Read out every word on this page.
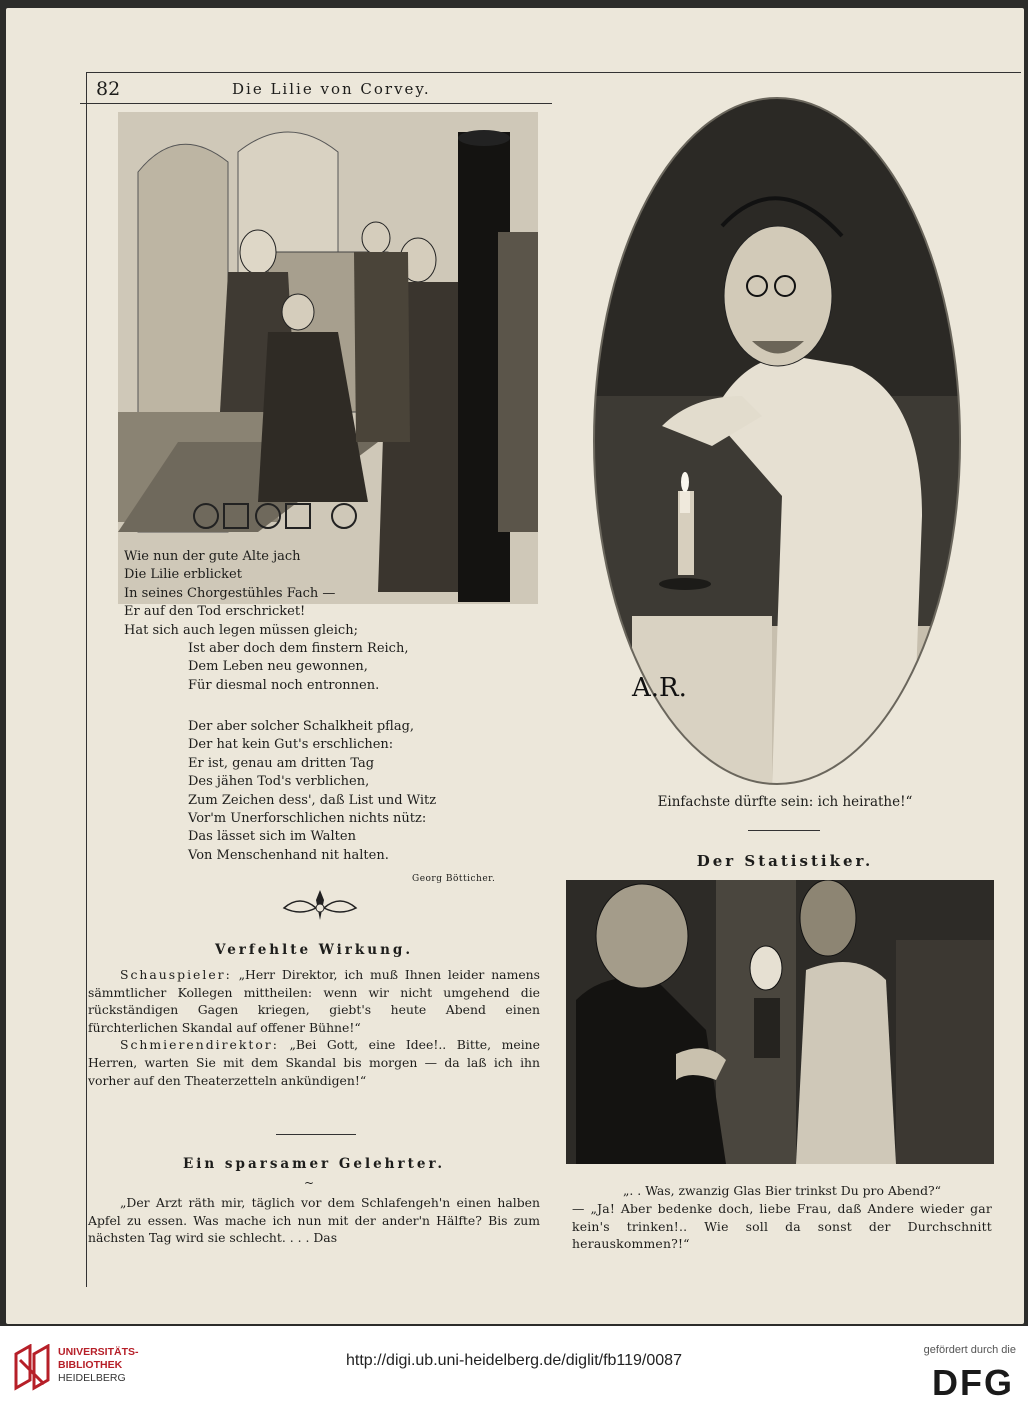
82	Die Lilie von Corvey.
Wie nun der gute Alte jach
Die Lilie erblicket
In seines Chorgestühles Fach —
Er auf den Tod erschricket!
Hat sich auch legen müssen gleich;
Ist aber doch dem finstern Reich,
Dem Leben neu gewonnen,
Für diesmal noch entronnen.
Der aber solcher Schalkheit pflag,
Der hat kein Gut's erschlichen:
Er ist, genau am dritten Tag
Des jähen Tod's verblichen,
Zum Zeichen dess', daß List und Witz
Vor'm Unerforschlichen nichts nütz:
Das lässet sich im Walten
Von Menschenhand nit halten.
Georg Bötticher.
Verfehlte Wirkung.

Schauspieler: „Herr Direktor, ich muß Ihnen leider namens sämmtlicher Kollegen mittheilen: wenn wir nicht umgehend die rückständigen Gagen kriegen, giebt's heute Abend einen fürchterlichen Skandal auf offener Bühne!“

Schmierendirektor: „Bei Gott, eine Idee!.. Bitte, meine Herren, warten Sie mit dem Skandal bis morgen — da laß ich ihn vorher auf den Theaterzetteln ankündigen!“

Ein sparsamer Gelehrter.
~

„Der Arzt räth mir, täglich vor dem Schlafengeh'n einen halben Apfel zu essen. Was mache ich nun mit der ander'n Hälfte? Bis zum nächsten Tag wird sie schlecht. . . . Das

A.R.
Einfachste dürfte sein: ich heirathe!“
Der Statistiker.
„. . Was, zwanzig Glas Bier trinkst Du pro Abend?“
— „Ja! Aber bedenke doch, liebe Frau, daß Andere wieder gar kein's trinken!.. Wie soll da sonst der Durchschnitt herauskommen?!“
UNIVERSITÄTS-
BIBLIOTHEK
HEIDELBERG
http://digi.ub.uni-heidelberg.de/diglit/fb119/0087
gefördert durch die
DFG
